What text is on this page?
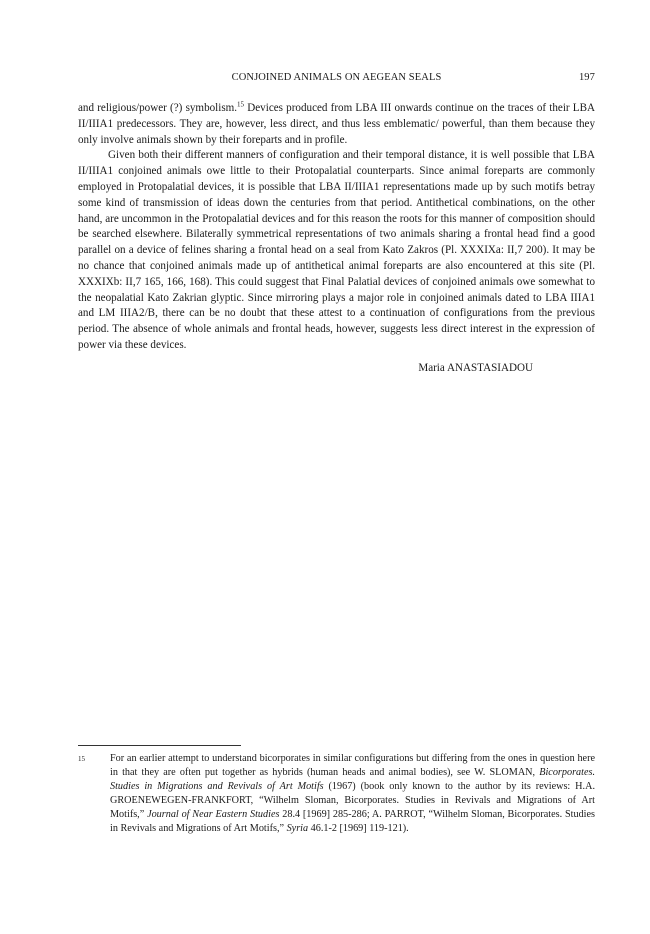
CONJOINED ANIMALS ON AEGEAN SEALS	197

and religious/power (?) symbolism.$^{15}$ Devices produced from LBA III onwards continue on the traces of their LBA II/IIIA1 predecessors. They are, however, less direct, and thus less emblematic/ powerful, than them because they only involve animals shown by their foreparts and in profile.

Given both their different manners of configuration and their temporal distance, it is well possible that LBA II/IIIA1 conjoined animals owe little to their Protopalatial counterparts. Since animal foreparts are commonly employed in Protopalatial devices, it is possible that LBA II/IIIA1 representations made up by such motifs betray some kind of transmission of ideas down the centuries from that period. Antithetical combinations, on the other hand, are uncommon in the Protopalatial devices and for this reason the roots for this manner of composition should be searched elsewhere. Bilaterally symmetrical representations of two animals sharing a frontal head find a good parallel on a device of felines sharing a frontal head on a seal from Kato Zakros (Pl. XXXIXa: II,7 200). It may be no chance that conjoined animals made up of antithetical animal foreparts are also encountered at this site (Pl. XXXIXb: II,7 165, 166, 168). This could suggest that Final Palatial devices of conjoined animals owe somewhat to the neopalatial Kato Zakrian glyptic. Since mirroring plays a major role in conjoined animals dated to LBA IIIA1 and LM IIIA2/B, there can be no doubt that these attest to a continuation of configurations from the previous period. The absence of whole animals and frontal heads, however, suggests less direct interest in the expression of power via these devices.

Maria ANASTASIADOU
15 For an earlier attempt to understand bicorporates in similar configurations but differing from the ones in question here in that they are often put together as hybrids (human heads and animal bodies), see W. SLOMAN, Bicorporates. Studies in Migrations and Revivals of Art Motifs (1967) (book only known to the author by its reviews: H.A. GROENEWEGEN-FRANKFORT, “Wilhelm Sloman, Bicorporates. Studies in Revivals and Migrations of Art Motifs,” Journal of Near Eastern Studies 28.4 [1969] 285-286; A. PARROT, “Wilhelm Sloman, Bicorporates. Studies in Revivals and Migrations of Art Motifs,” Syria 46.1-2 [1969] 119-121).
